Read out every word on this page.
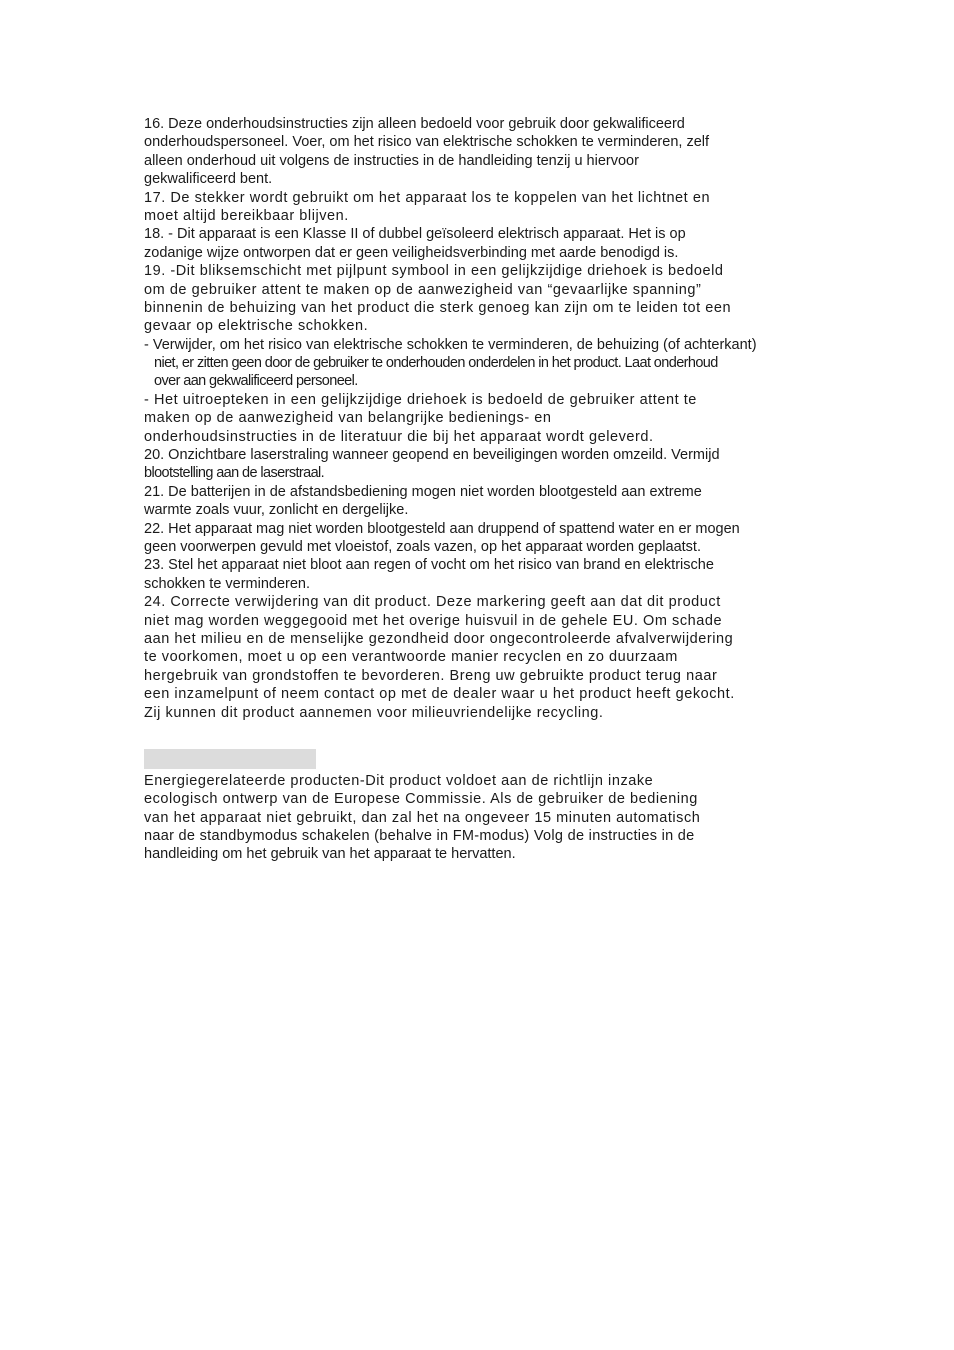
16. Deze onderhoudsinstructies zijn alleen bedoeld voor gebruik door gekwalificeerd
onderhoudspersoneel. Voer, om het risico van elektrische schokken te verminderen, zelf
alleen onderhoud uit volgens de instructies in de handleiding tenzij u hiervoor
gekwalificeerd bent.
17. De stekker wordt gebruikt om het apparaat los te koppelen van het lichtnet en
moet altijd bereikbaar blijven.
18. - Dit apparaat is een Klasse II of dubbel geïsoleerd elektrisch apparaat. Het is op
zodanige wijze ontworpen dat er geen veiligheidsverbinding met aarde benodigd is.
19. -Dit bliksemschicht met pijlpunt symbool in een gelijkzijdige driehoek is bedoeld
om de gebruiker attent te maken op de aanwezigheid van “gevaarlijke spanning”
binnenin de behuizing van het product die sterk genoeg kan zijn om te leiden tot een
gevaar op elektrische schokken.
- Verwijder, om het risico van elektrische schokken te verminderen, de behuizing (of achterkant)
niet, er zitten geen door de gebruiker te onderhouden onderdelen in het product. Laat onderhoud
over aan gekwalificeerd personeel.
- Het uitroepteken in een gelijkzijdige driehoek is bedoeld de gebruiker attent te
maken op de aanwezigheid van belangrijke bedienings- en
onderhoudsinstructies in de literatuur die bij het apparaat wordt geleverd.
20. Onzichtbare laserstraling wanneer geopend en beveiligingen worden omzeild. Vermijd
blootstelling aan de laserstraal.
21. De batterijen in de afstandsbediening mogen niet worden blootgesteld aan extreme
warmte zoals vuur, zonlicht en dergelijke.
22. Het apparaat mag niet worden blootgesteld aan druppend of spattend water en er mogen
geen voorwerpen gevuld met vloeistof, zoals vazen, op het apparaat worden geplaatst.
23. Stel het apparaat niet bloot aan regen of vocht om het risico van brand en elektrische
schokken te verminderen.
24. Correcte verwijdering van dit product. Deze markering geeft aan dat dit product
niet mag worden weggegooid met het overige huisvuil in de gehele EU. Om schade
aan het milieu en de menselijke gezondheid door ongecontroleerde afvalverwijdering
te voorkomen, moet u op een verantwoorde manier recyclen en zo duurzaam
hergebruik van grondstoffen te bevorderen. Breng uw gebruikte product terug naar
een inzamelpunt of neem contact op met de dealer waar u het product heeft gekocht.
Zij kunnen dit product aannemen voor milieuvriendelijke recycling.
Energiegerelateerde producten-Dit product voldoet aan de richtlijn inzake
ecologisch ontwerp van de Europese Commissie. Als de gebruiker de bediening
van het apparaat niet gebruikt, dan zal het na ongeveer 15 minuten automatisch
naar de standbymodus schakelen (behalve in FM-modus) Volg de instructies in de
handleiding om het gebruik van het apparaat te hervatten.
